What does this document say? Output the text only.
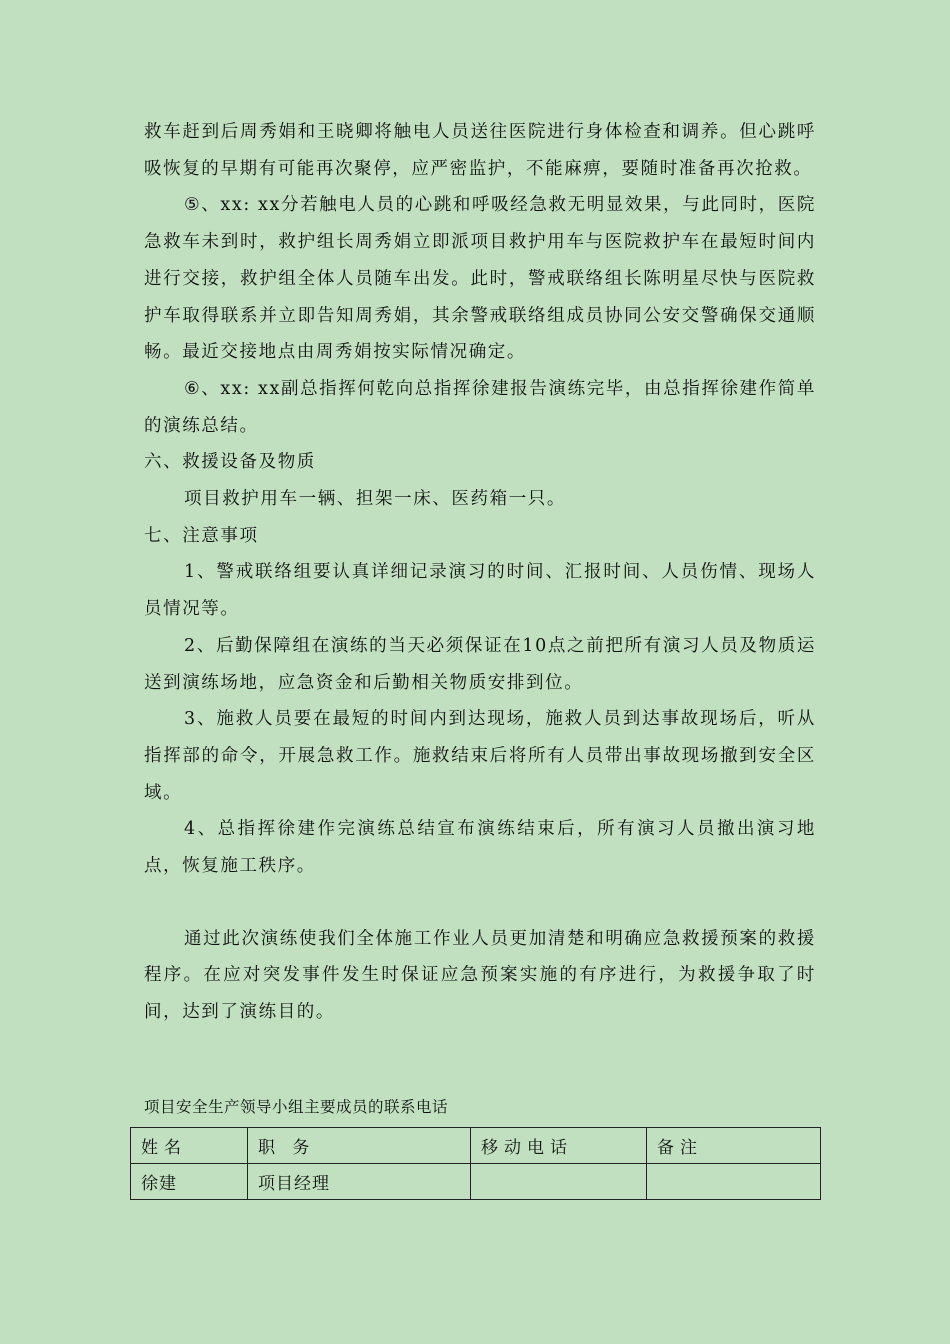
救车赶到后周秀娟和王晓卿将触电人员送往医院进行身体检查和调养。但心跳呼吸恢复的早期有可能再次聚停，应严密监护，不能麻痹，要随时准备再次抢救。

⑤、xx: xx分若触电人员的心跳和呼吸经急救无明显效果，与此同时，医院急救车未到时，救护组长周秀娟立即派项目救护用车与医院救护车在最短时间内进行交接，救护组全体人员随车出发。此时，警戒联络组长陈明星尽快与医院救护车取得联系并立即告知周秀娟，其余警戒联络组成员协同公安交警确保交通顺畅。最近交接地点由周秀娟按实际情况确定。

⑥、xx: xx副总指挥何乾向总指挥徐建报告演练完毕，由总指挥徐建作简单的演练总结。

六、救援设备及物质

项目救护用车一辆、担架一床、医药箱一只。

七、注意事项

1、警戒联络组要认真详细记录演习的时间、汇报时间、人员伤情、现场人员情况等。

2、后勤保障组在演练的当天必须保证在10点之前把所有演习人员及物质运送到演练场地，应急资金和后勤相关物质安排到位。

3、施救人员要在最短的时间内到达现场，施救人员到达事故现场后，听从指挥部的命令，开展急救工作。施救结束后将所有人员带出事故现场撤到安全区域。

4、总指挥徐建作完演练总结宣布演练结束后，所有演习人员撤出演习地点，恢复施工秩序。

通过此次演练使我们全体施工作业人员更加清楚和明确应急救援预案的救援程序。在应对突发事件发生时保证应急预案实施的有序进行，为救援争取了时间，达到了演练目的。

项目安全生产领导小组主要成员的联系电话
姓名	职 务	移动电话	备注
徐建	项目经理		
